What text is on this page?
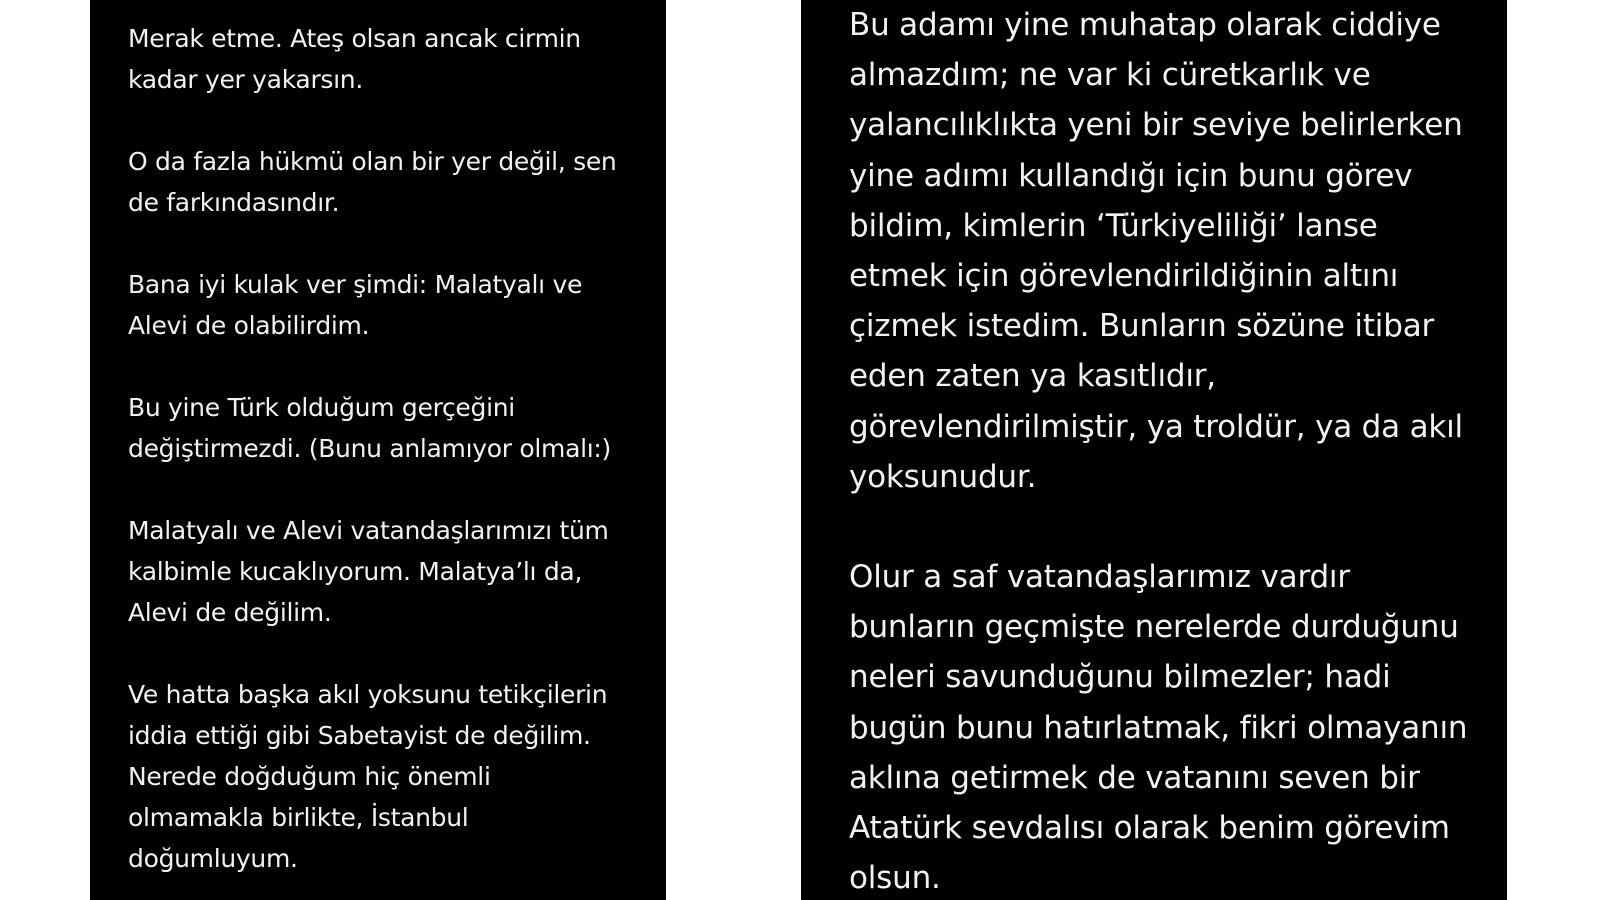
Merak etme. Ateş olsan ancak cirmin
kadar yer yakarsın.
O da fazla hükmü olan bir yer değil, sen
de farkındasındır.
Bana iyi kulak ver şimdi: Malatyalı ve
Alevi de olabilirdim.
Bu yine Türk olduğum gerçeğini
değiştirmezdi. (Bunu anlamıyor olmalı:)
Malatyalı ve Alevi vatandaşlarımızı tüm
kalbimle kucaklıyorum. Malatya’lı da,
Alevi de değilim.
Ve hatta başka akıl yoksunu tetikçilerin
iddia ettiği gibi Sabetayist de değilim.
Nerede doğduğum hiç önemli
olmamakla birlikte, İstanbul
doğumluyum.
Bu adamı yine muhatap olarak ciddiye
almazdım; ne var ki cüretkarlık ve
yalancılıklıkta yeni bir seviye belirlerken
yine adımı kullandığı için bunu görev
bildim, kimlerin ‘Türkiyeliliği’ lanse
etmek için görevlendirildiğinin altını
çizmek istedim. Bunların sözüne itibar
eden zaten ya kasıtlıdır,
görevlendirilmiştir, ya troldür, ya da akıl
yoksunudur.
Olur a saf vatandaşlarımız vardır
bunların geçmişte nerelerde durduğunu
neleri savunduğunu bilmezler; hadi
bugün bunu hatırlatmak, fikri olmayanın
aklına getirmek de vatanını seven bir
Atatürk sevdalısı olarak benim görevim
olsun.
